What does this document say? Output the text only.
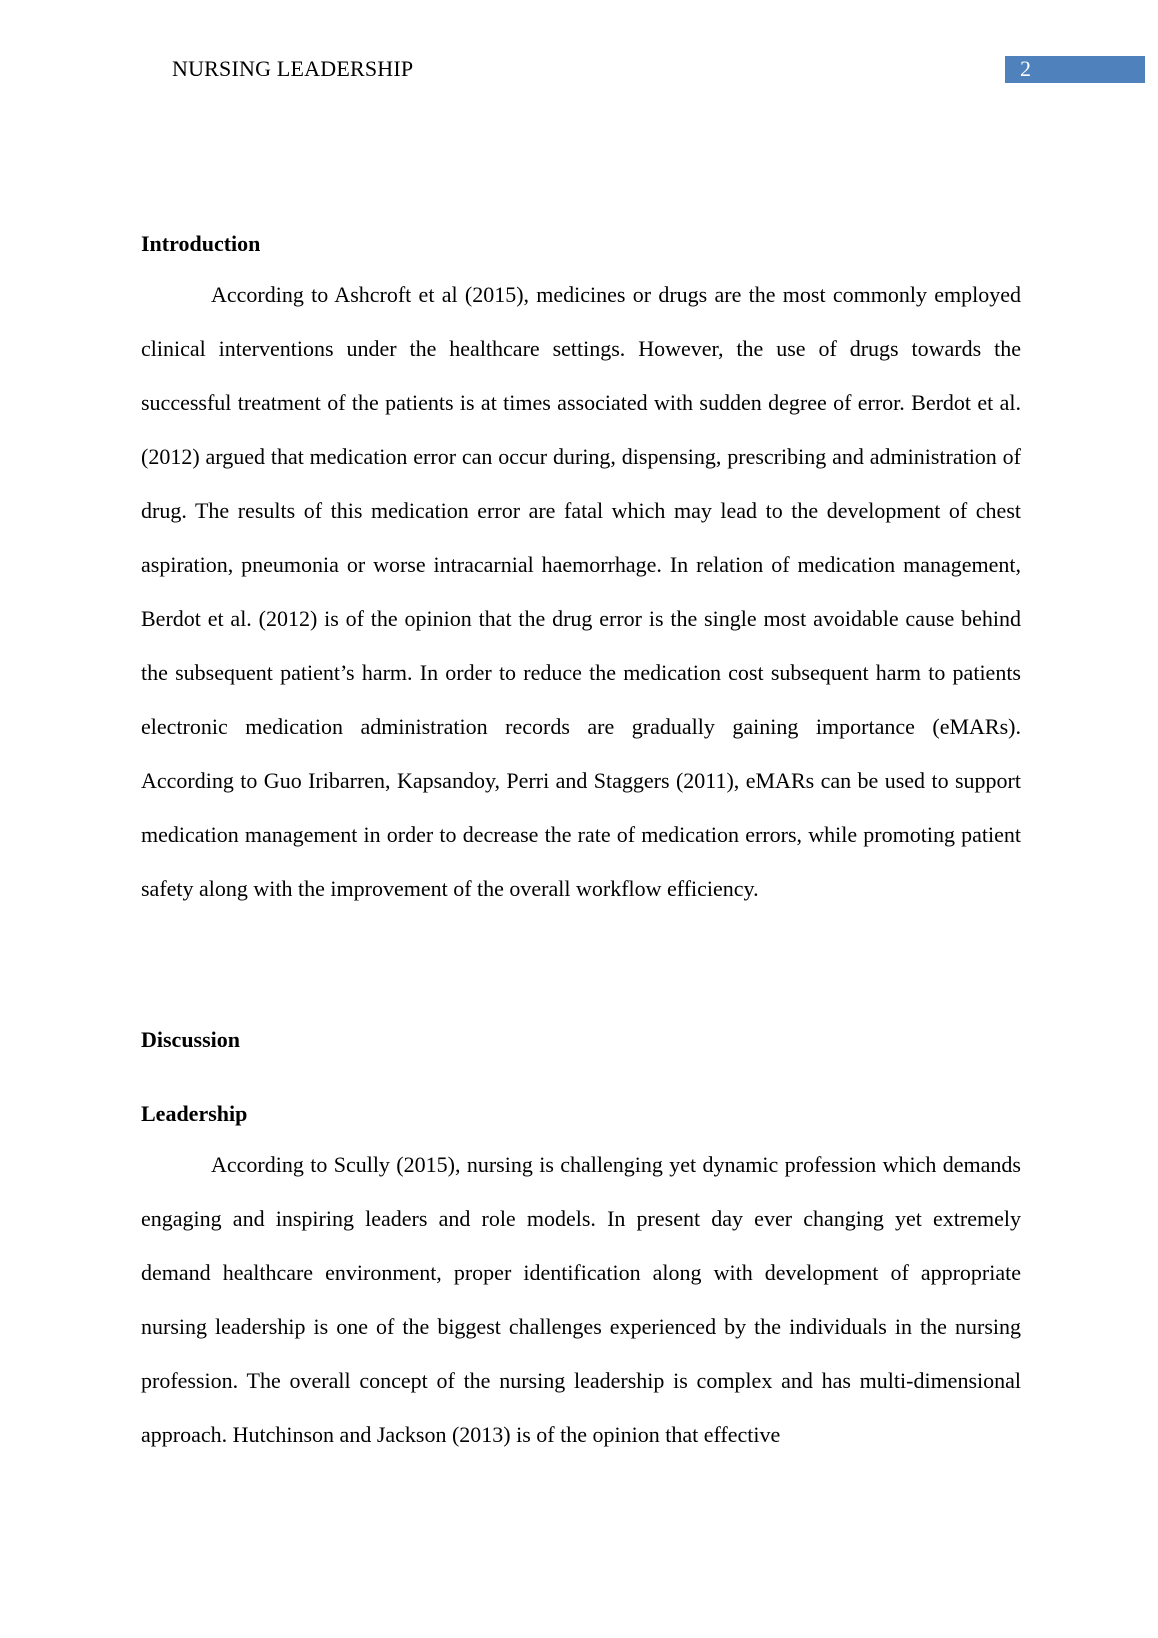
NURSING LEADERSHIP	2
Introduction

According to Ashcroft et al (2015), medicines or drugs are the most commonly employed clinical interventions under the healthcare settings. However, the use of drugs towards the successful treatment of the patients is at times associated with sudden degree of error. Berdot et al. (2012) argued that medication error can occur during, dispensing, prescribing and administration of drug. The results of this medication error are fatal which may lead to the development of chest aspiration, pneumonia or worse intracarnial haemorrhage. In relation of medication management, Berdot et al. (2012) is of the opinion that the drug error is the single most avoidable cause behind the subsequent patient’s harm. In order to reduce the medication cost subsequent harm to patients electronic medication administration records are gradually gaining importance (eMARs). According to Guo Iribarren, Kapsandoy, Perri and Staggers (2011), eMARs can be used to support medication management in order to decrease the rate of medication errors, while promoting patient safety along with the improvement of the overall workflow efficiency.

Discussion
Leadership

According to Scully (2015), nursing is challenging yet dynamic profession which demands engaging and inspiring leaders and role models. In present day ever changing yet extremely demand healthcare environment, proper identification along with development of appropriate nursing leadership is one of the biggest challenges experienced by the individuals in the nursing profession. The overall concept of the nursing leadership is complex and has multi-dimensional approach. Hutchinson and Jackson (2013) is of the opinion that effective
